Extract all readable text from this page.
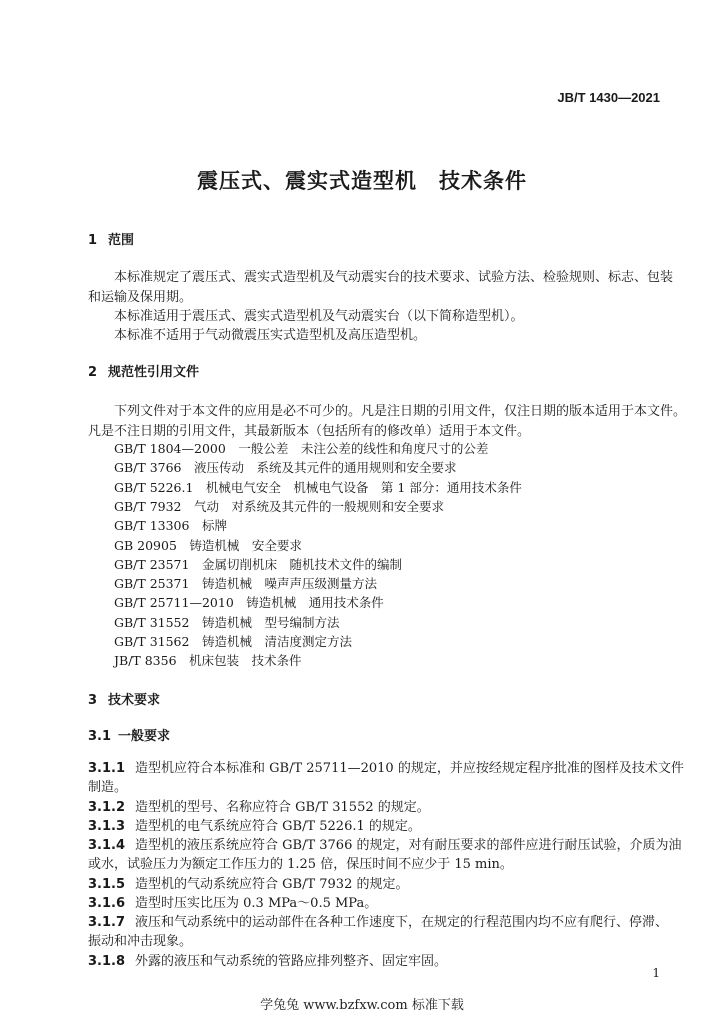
JB/T 1430—2021
震压式、震实式造型机　技术条件
1 范围
本标准规定了震压式、震实式造型机及气动震实台的技术要求、试验方法、检验规则、标志、包装
和运输及保用期。
本标准适用于震压式、震实式造型机及气动震实台（以下简称造型机）。
本标准不适用于气动微震压实式造型机及高压造型机。
2 规范性引用文件
下列文件对于本文件的应用是必不可少的。凡是注日期的引用文件，仅注日期的版本适用于本文件。
凡是不注日期的引用文件，其最新版本（包括所有的修改单）适用于本文件。
GB/T 1804—2000　一般公差　未注公差的线性和角度尺寸的公差
GB/T 3766　液压传动　系统及其元件的通用规则和安全要求
GB/T 5226.1　机械电气安全　机械电气设备　第 1 部分：通用技术条件
GB/T 7932　气动　对系统及其元件的一般规则和安全要求
GB/T 13306　标牌
GB 20905　铸造机械　安全要求
GB/T 23571　金属切削机床　随机技术文件的编制
GB/T 25371　铸造机械　噪声声压级测量方法
GB/T 25711—2010　铸造机械　通用技术条件
GB/T 31552　铸造机械　型号编制方法
GB/T 31562　铸造机械　清洁度测定方法
JB/T 8356　机床包装　技术条件
3 技术要求
3.1 一般要求
3.1.1 造型机应符合本标准和 GB/T 25711—2010 的规定，并应按经规定程序批准的图样及技术文件
制造。
3.1.2 造型机的型号、名称应符合 GB/T 31552 的规定。
3.1.3 造型机的电气系统应符合 GB/T 5226.1 的规定。
3.1.4 造型机的液压系统应符合 GB/T 3766 的规定，对有耐压要求的部件应进行耐压试验，介质为油
或水，试验压力为额定工作压力的 1.25 倍，保压时间不应少于 15 min。
3.1.5 造型机的气动系统应符合 GB/T 7932 的规定。
3.1.6 造型时压实比压为 0.3 MPa～0.5 MPa。
3.1.7 液压和气动系统中的运动部件在各种工作速度下，在规定的行程范围内均不应有爬行、停滞、
振动和冲击现象。
3.1.8 外露的液压和气动系统的管路应排列整齐、固定牢固。
1
学兔兔 www.bzfxw.com 标准下载
